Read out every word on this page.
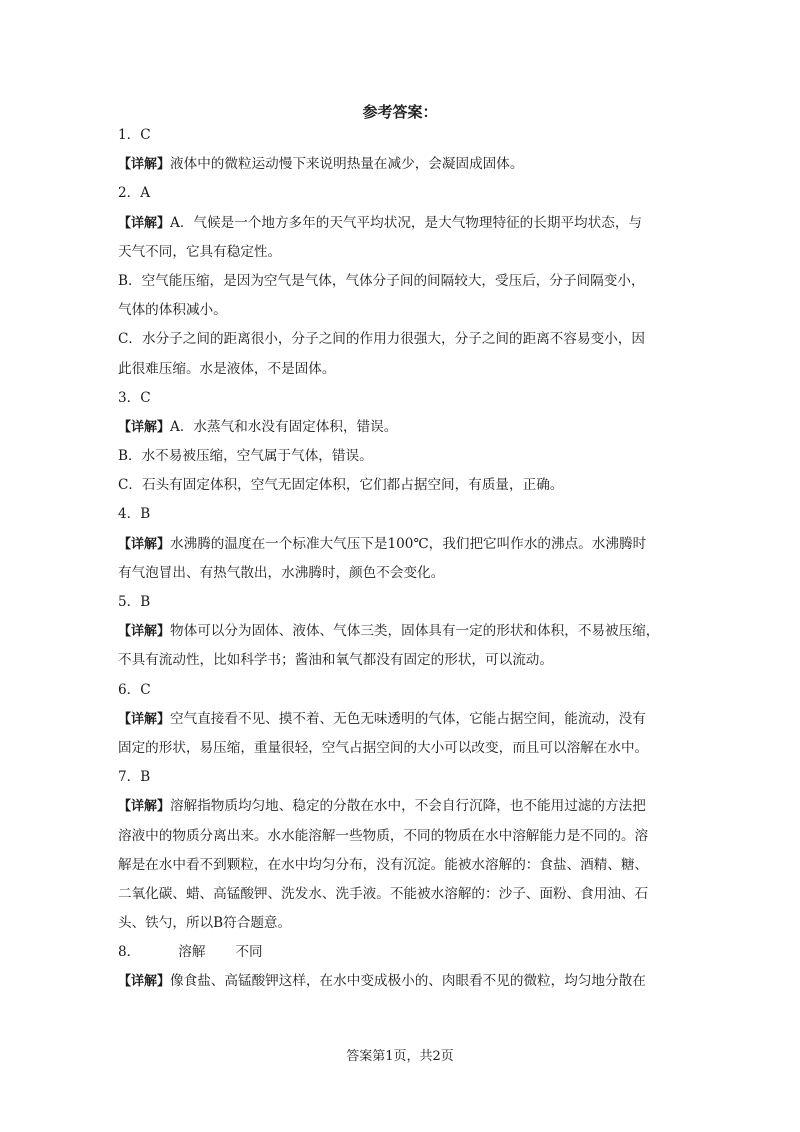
参考答案：
1．C
【详解】液体中的微粒运动慢下来说明热量在减少，会凝固成固体。
2．A
【详解】A．气候是一个地方多年的天气平均状况，是大气物理特征的长期平均状态，与
天气不同，它具有稳定性。
B．空气能压缩，是因为空气是气体，气体分子间的间隔较大，受压后，分子间隔变小，
气体的体积减小。
C．水分子之间的距离很小，分子之间的作用力很强大，分子之间的距离不容易变小，因
此很难压缩。水是液体，不是固体。
3．C
【详解】A．水蒸气和水没有固定体积，错误。
B．水不易被压缩，空气属于气体，错误。
C．石头有固定体积，空气无固定体积，它们都占据空间，有质量，正确。
4．B
【详解】水沸腾的温度在一个标准大气压下是100℃，我们把它叫作水的沸点。水沸腾时
有气泡冒出、有热气散出，水沸腾时，颜色不会变化。
5．B
【详解】物体可以分为固体、液体、气体三类，固体具有一定的形状和体积，不易被压缩，
不具有流动性，比如科学书；酱油和氧气都没有固定的形状，可以流动。
6．C
【详解】空气直接看不见、摸不着、无色无味透明的气体，它能占据空间，能流动，没有
固定的形状，易压缩，重量很轻，空气占据空间的大小可以改变，而且可以溶解在水中。
7．B
【详解】溶解指物质均匀地、稳定的分散在水中，不会自行沉降，也不能用过滤的方法把
溶液中的物质分离出来。水水能溶解一些物质，不同的物质在水中溶解能力是不同的。溶
解是在水中看不到颗粒，在水中均匀分布，没有沉淀。能被水溶解的：食盐、酒精、糖、
二氧化碳、蜡、高锰酸钾、洗发水、洗手液。不能被水溶解的：沙子、面粉、食用油、石
头、铁勺，所以B符合题意。
8．	溶解 不同
【详解】像食盐、高锰酸钾这样，在水中变成极小的、肉眼看不见的微粒，均匀地分散在
答案第1页，共2页
